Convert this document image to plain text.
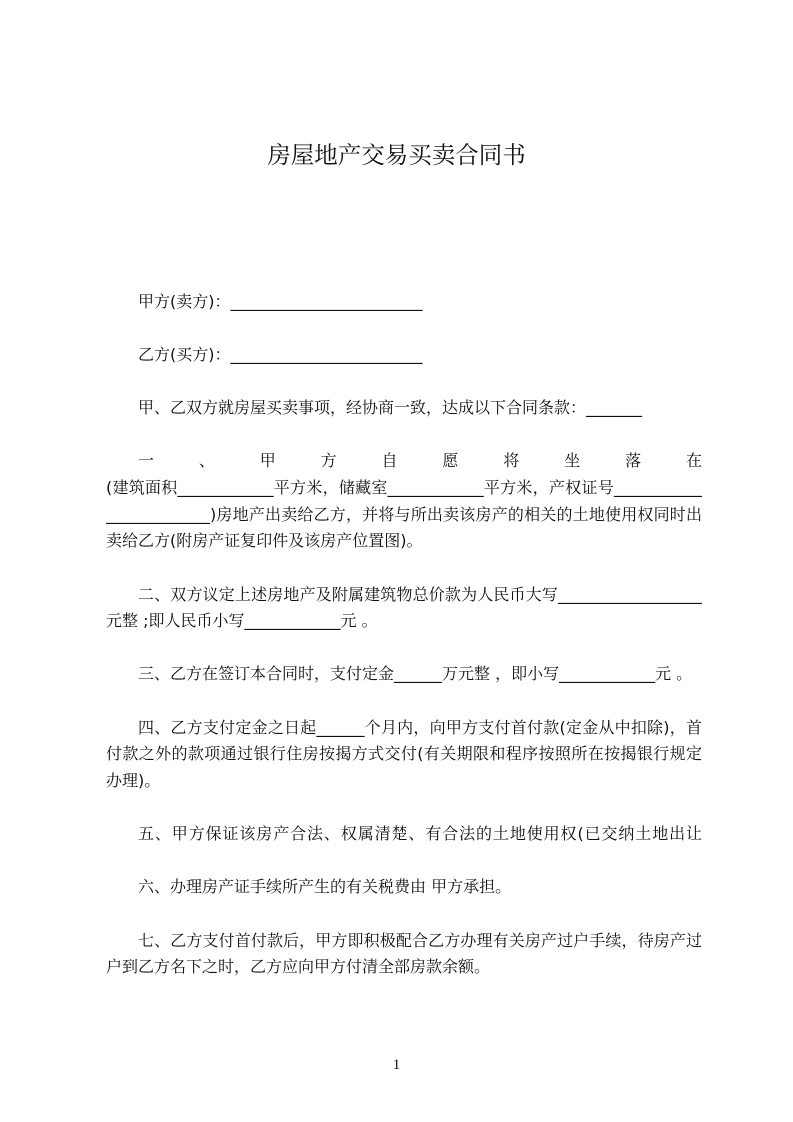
房屋地产交易买卖合同书
甲方(卖方)：________________________
乙方(买方)：________________________
甲、乙双方就房屋买卖事项，经协商一致，达成以下合同条款：_______
一、甲方自愿将坐落在
(建筑面积____________平方米，储藏室____________平方米，产权证号___________
_____________)房地产出卖给乙方，并将与所出卖该房产的相关的土地使用权同时出
卖给乙方(附房产证复印件及该房产位置图)。
二、双方议定上述房地产及附属建筑物总价款为人民币大写__________________
元整 ;即人民币小写____________元 。
三、乙方在签订本合同时，支付定金______万元整 ，即小写____________元 。
四、乙方支付定金之日起______个月内，向甲方支付首付款(定金从中扣除)，首
付款之外的款项通过银行住房按揭方式交付(有关期限和程序按照所在按揭银行规定
办理)。
五、甲方保证该房产合法、权属清楚、有合法的土地使用权(已交纳土地出让
六、办理房产证手续所产生的有关税费由 甲方承担。
七、乙方支付首付款后，甲方即积极配合乙方办理有关房产过户手续，待房产过
户到乙方名下之时，乙方应向甲方付清全部房款余额。
1
